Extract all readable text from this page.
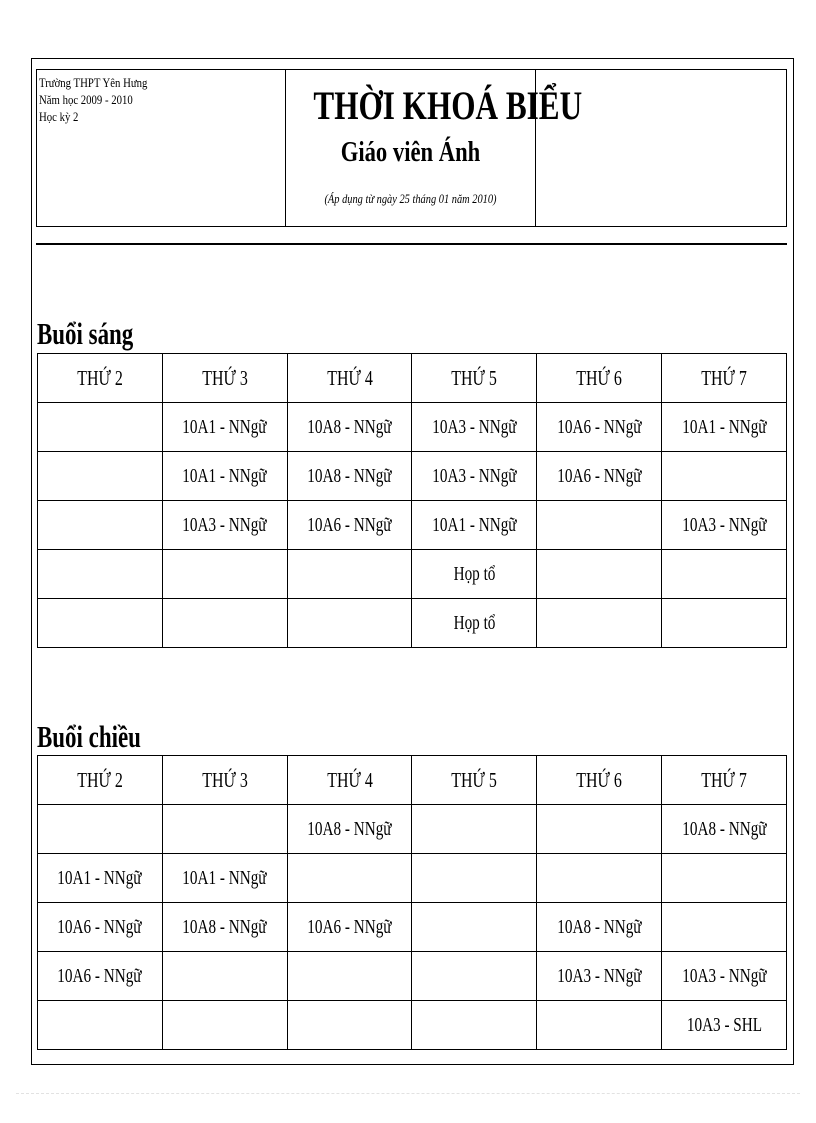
Trường THPT Yên Hưng
Năm học 2009 - 2010
Học kỳ 2	THỜI KHOÁ BIỂU
Giáo viên Ánh
(Áp dụng từ ngày 25 tháng 01 năm 2010)
Buổi sáng
THỨ 2	THỨ 3	THỨ 4	THỨ 5	THỨ 6	THỨ 7
	10A1 - NNgữ	10A8 - NNgữ	10A3 - NNgữ	10A6 - NNgữ	10A1 - NNgữ
	10A1 - NNgữ	10A8 - NNgữ	10A3 - NNgữ	10A6 - NNgữ	
	10A3 - NNgữ	10A6 - NNgữ	10A1 - NNgữ		10A3 - NNgữ
			Họp tổ		
			Họp tổ		
Buổi chiều
THỨ 2	THỨ 3	THỨ 4	THỨ 5	THỨ 6	THỨ 7
		10A8 - NNgữ			10A8 - NNgữ
10A1 - NNgữ	10A1 - NNgữ				
10A6 - NNgữ	10A8 - NNgữ	10A6 - NNgữ		10A8 - NNgữ	
10A6 - NNgữ				10A3 - NNgữ	10A3 - NNgữ
					10A3 - SHL
